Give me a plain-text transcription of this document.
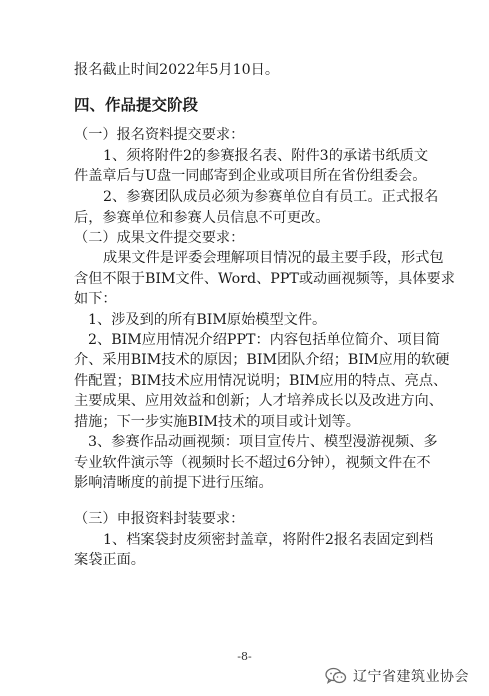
报名截止时间2022年5月10日。
四、作品提交阶段
（一）报名资料提交要求：
1、须将附件2的参赛报名表、附件3的承诺书纸质文
件盖章后与U盘一同邮寄到企业或项目所在省份组委会。
2、参赛团队成员必须为参赛单位自有员工。正式报名
后，参赛单位和参赛人员信息不可更改。
（二）成果文件提交要求：
成果文件是评委会理解项目情况的最主要手段，形式包
含但不限于BIM文件、Word、PPT或动画视频等，具体要求
如下：
1、涉及到的所有BIM原始模型文件。
2、BIM应用情况介绍PPT：内容包括单位简介、项目简
介、采用BIM技术的原因；BIM团队介绍；BIM应用的软硬
件配置；BIM技术应用情况说明；BIM应用的特点、亮点、
主要成果、应用效益和创新；人才培养成长以及改进方向、
措施；下一步实施BIM技术的项目或计划等。
3、参赛作品动画视频：项目宣传片、模型漫游视频、多
专业软件演示等（视频时长不超过6分钟），视频文件在不
影响清晰度的前提下进行压缩。
（三）申报资料封装要求：
1、档案袋封皮须密封盖章，将附件2报名表固定到档
案袋正面。
-8-
辽宁省建筑业协会
